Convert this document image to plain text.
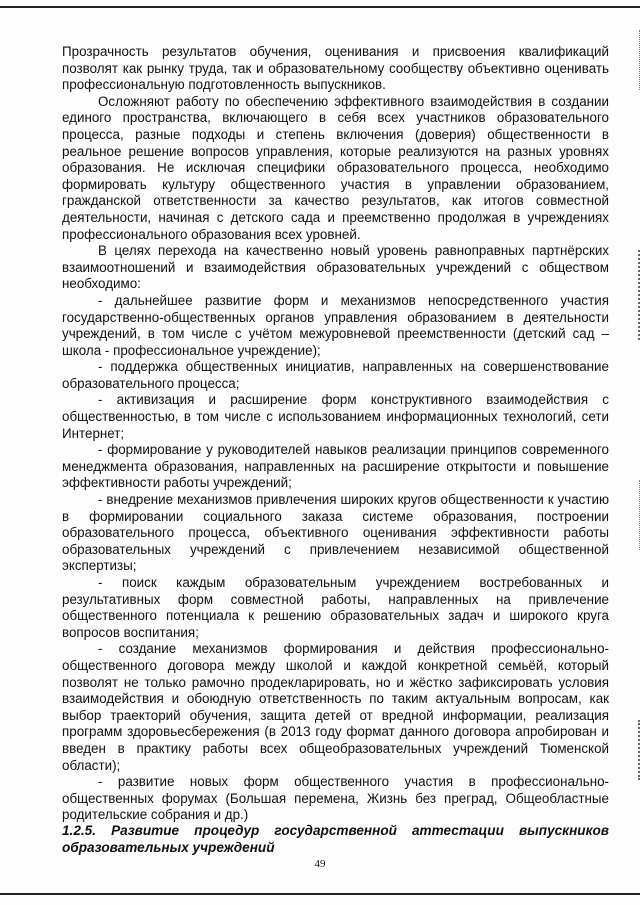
Прозрачность результатов обучения, оценивания и присвоения квалификаций позволят как рынку труда, так и образовательному сообществу объективно оценивать профессиональную подготовленность выпускников.

Осложняют работу по обеспечению эффективного взаимодействия в создании единого пространства, включающего в себя всех участников образовательного процесса, разные подходы и степень включения (доверия) общественности в реальное решение вопросов управления, которые реализуются на разных уровнях образования. Не исключая специфики образовательного процесса, необходимо формировать культуру общественного участия в управлении образованием, гражданской ответственности за качество результатов, как итогов совместной деятельности, начиная с детского сада и преемственно продолжая в учреждениях профессионального образования всех уровней.

В целях перехода на качественно новый уровень равноправных партнёрских взаимоотношений и взаимодействия образовательных учреждений с обществом необходимо:

- дальнейшее развитие форм и механизмов непосредственного участия государственно-общественных органов управления образованием в деятельности учреждений, в том числе с учётом межуровневой преемственности (детский сад – школа - профессиональное учреждение);

- поддержка общественных инициатив, направленных на совершенствование образовательного процесса;

- активизация и расширение форм конструктивного взаимодействия с общественностью, в том числе с использованием информационных технологий, сети Интернет;

- формирование у руководителей навыков реализации принципов современного менеджмента образования, направленных на расширение открытости и повышение эффективности работы учреждений;

- внедрение механизмов привлечения широких кругов общественности к участию в формировании социального заказа системе образования, построении образовательного процесса, объективного оценивания эффективности работы образовательных учреждений с привлечением независимой общественной экспертизы;

- поиск каждым образовательным учреждением востребованных и результативных форм совместной работы, направленных на привлечение общественного потенциала к решению образовательных задач и широкого круга вопросов воспитания;

- создание механизмов формирования и действия профессионально-общественного договора между школой и каждой конкретной семьёй, который позволят не только рамочно продекларировать, но и жёстко зафиксировать условия взаимодействия и обоюдную ответственность по таким актуальным вопросам, как выбор траекторий обучения, защита детей от вредной информации, реализация программ здоровьесбережения (в 2013 году формат данного договора апробирован и введен в практику работы всех общеобразовательных учреждений Тюменской области);

- развитие новых форм общественного участия в профессионально-общественных форумах (Большая перемена, Жизнь без преград, Общеобластные родительские собрания и др.)

1.2.5. Развитие процедур государственной аттестации выпускников образовательных учреждений

49
